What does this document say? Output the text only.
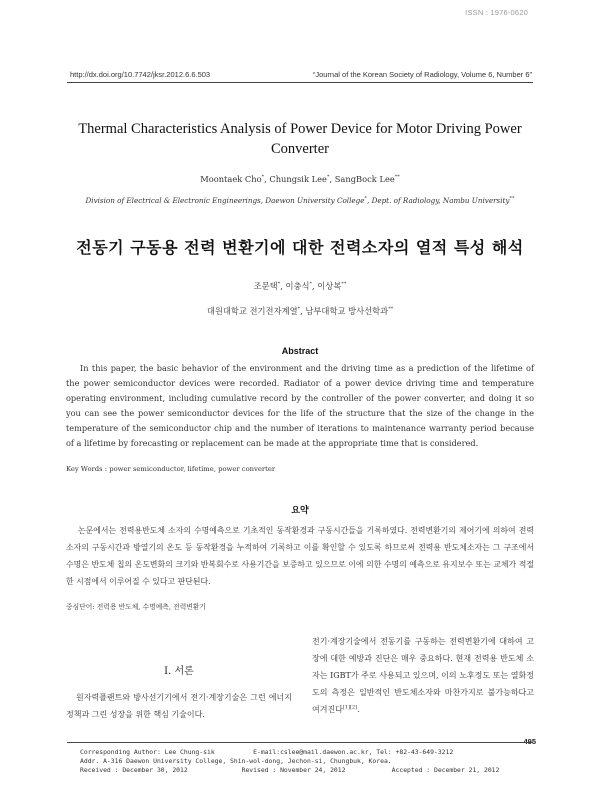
ISSN : 1976-0620
http://dx.doi.org/10.7742/jksr.2012.6.6.503	“Journal of the Korean Society of Radiology, Volume 6, Number 6”
Thermal Characteristics Analysis of Power Device for Motor Driving Power Converter
Moontaek Cho*, Chungsik Lee*, SangBock Lee**
Division of Electrical & Electronic Engineerings, Daewon University College*, Dept. of Radiology, Nambu University**
전동기 구동용 전력 변환기에 대한 전력소자의 열적 특성 해석
조문택*, 이충식*, 이상복**
대원대학교 전기전자계열*, 남부대학교 방사선학과**
Abstract
In this paper, the basic behavior of the environment and the driving time as a prediction of the lifetime of the power semiconductor devices were recorded. Radiator of a power device driving time and temperature operating environment, including cumulative record by the controller of the power converter, and doing it so you can see the power semiconductor devices for the life of the structure that the size of the change in the temperature of the semiconductor chip and the number of iterations to maintenance warranty period because of a lifetime by forecasting or replacement can be made at the appropriate time that is considered.
Key Words : power semiconductor, lifetime, power converter
요약
논문에서는 전력용반도체 소자의 수명예측으로 기초적인 동작환경과 구동시간들을 기록하였다. 전력변환기의 제어기에 의하여 전력소자의 구동시간과 방열기의 온도 등 동작환경을 누적하여 기록하고 이를 확인할 수 있도록 하므로써 전력용 반도체소자는 그 구조에서 수명은 반도체 칩의 온도변화의 크기와 반복회수로 사용기간을 보증하고 있으므로 이에 의한 수명의 예측으로 유지보수 또는 교체가 적절한 시점에서 이루어질 수 있다고 판단된다.
중심단어: 전력용 반도체, 수명예측, 전력변환기
Ⅰ. 서론
원자력플랜트와 방사선기기에서 전기·계장기술은 그런 에너지 정책과 그린 성장을 위한 핵심 기술이다.
전기·계장기술에서 전동기를 구동하는 전력변환기에 대하여 고장에 대한 예방과 진단은 매우 중요하다. 현재 전력용 반도체 소자는 IGBT가 주로 사용되고 있으며, 이의 노후정도 또는 열화정도의 측정은 일반적인 반도체소자와 마찬가지로 불가능하다고 여겨진다[1][2].
495
Corresponding Author: Lee Chung-sik          E-mail:cslee@mail.daewon.ac.kr, Tel: +82-43-649-3212
Addr. A-316 Daewon University College, Shin-wol-dong, Jechon-si, Chungbuk, Korea.
Received : December 30, 2012              Revised : November 24, 2012            Accepted : December 21, 2012
